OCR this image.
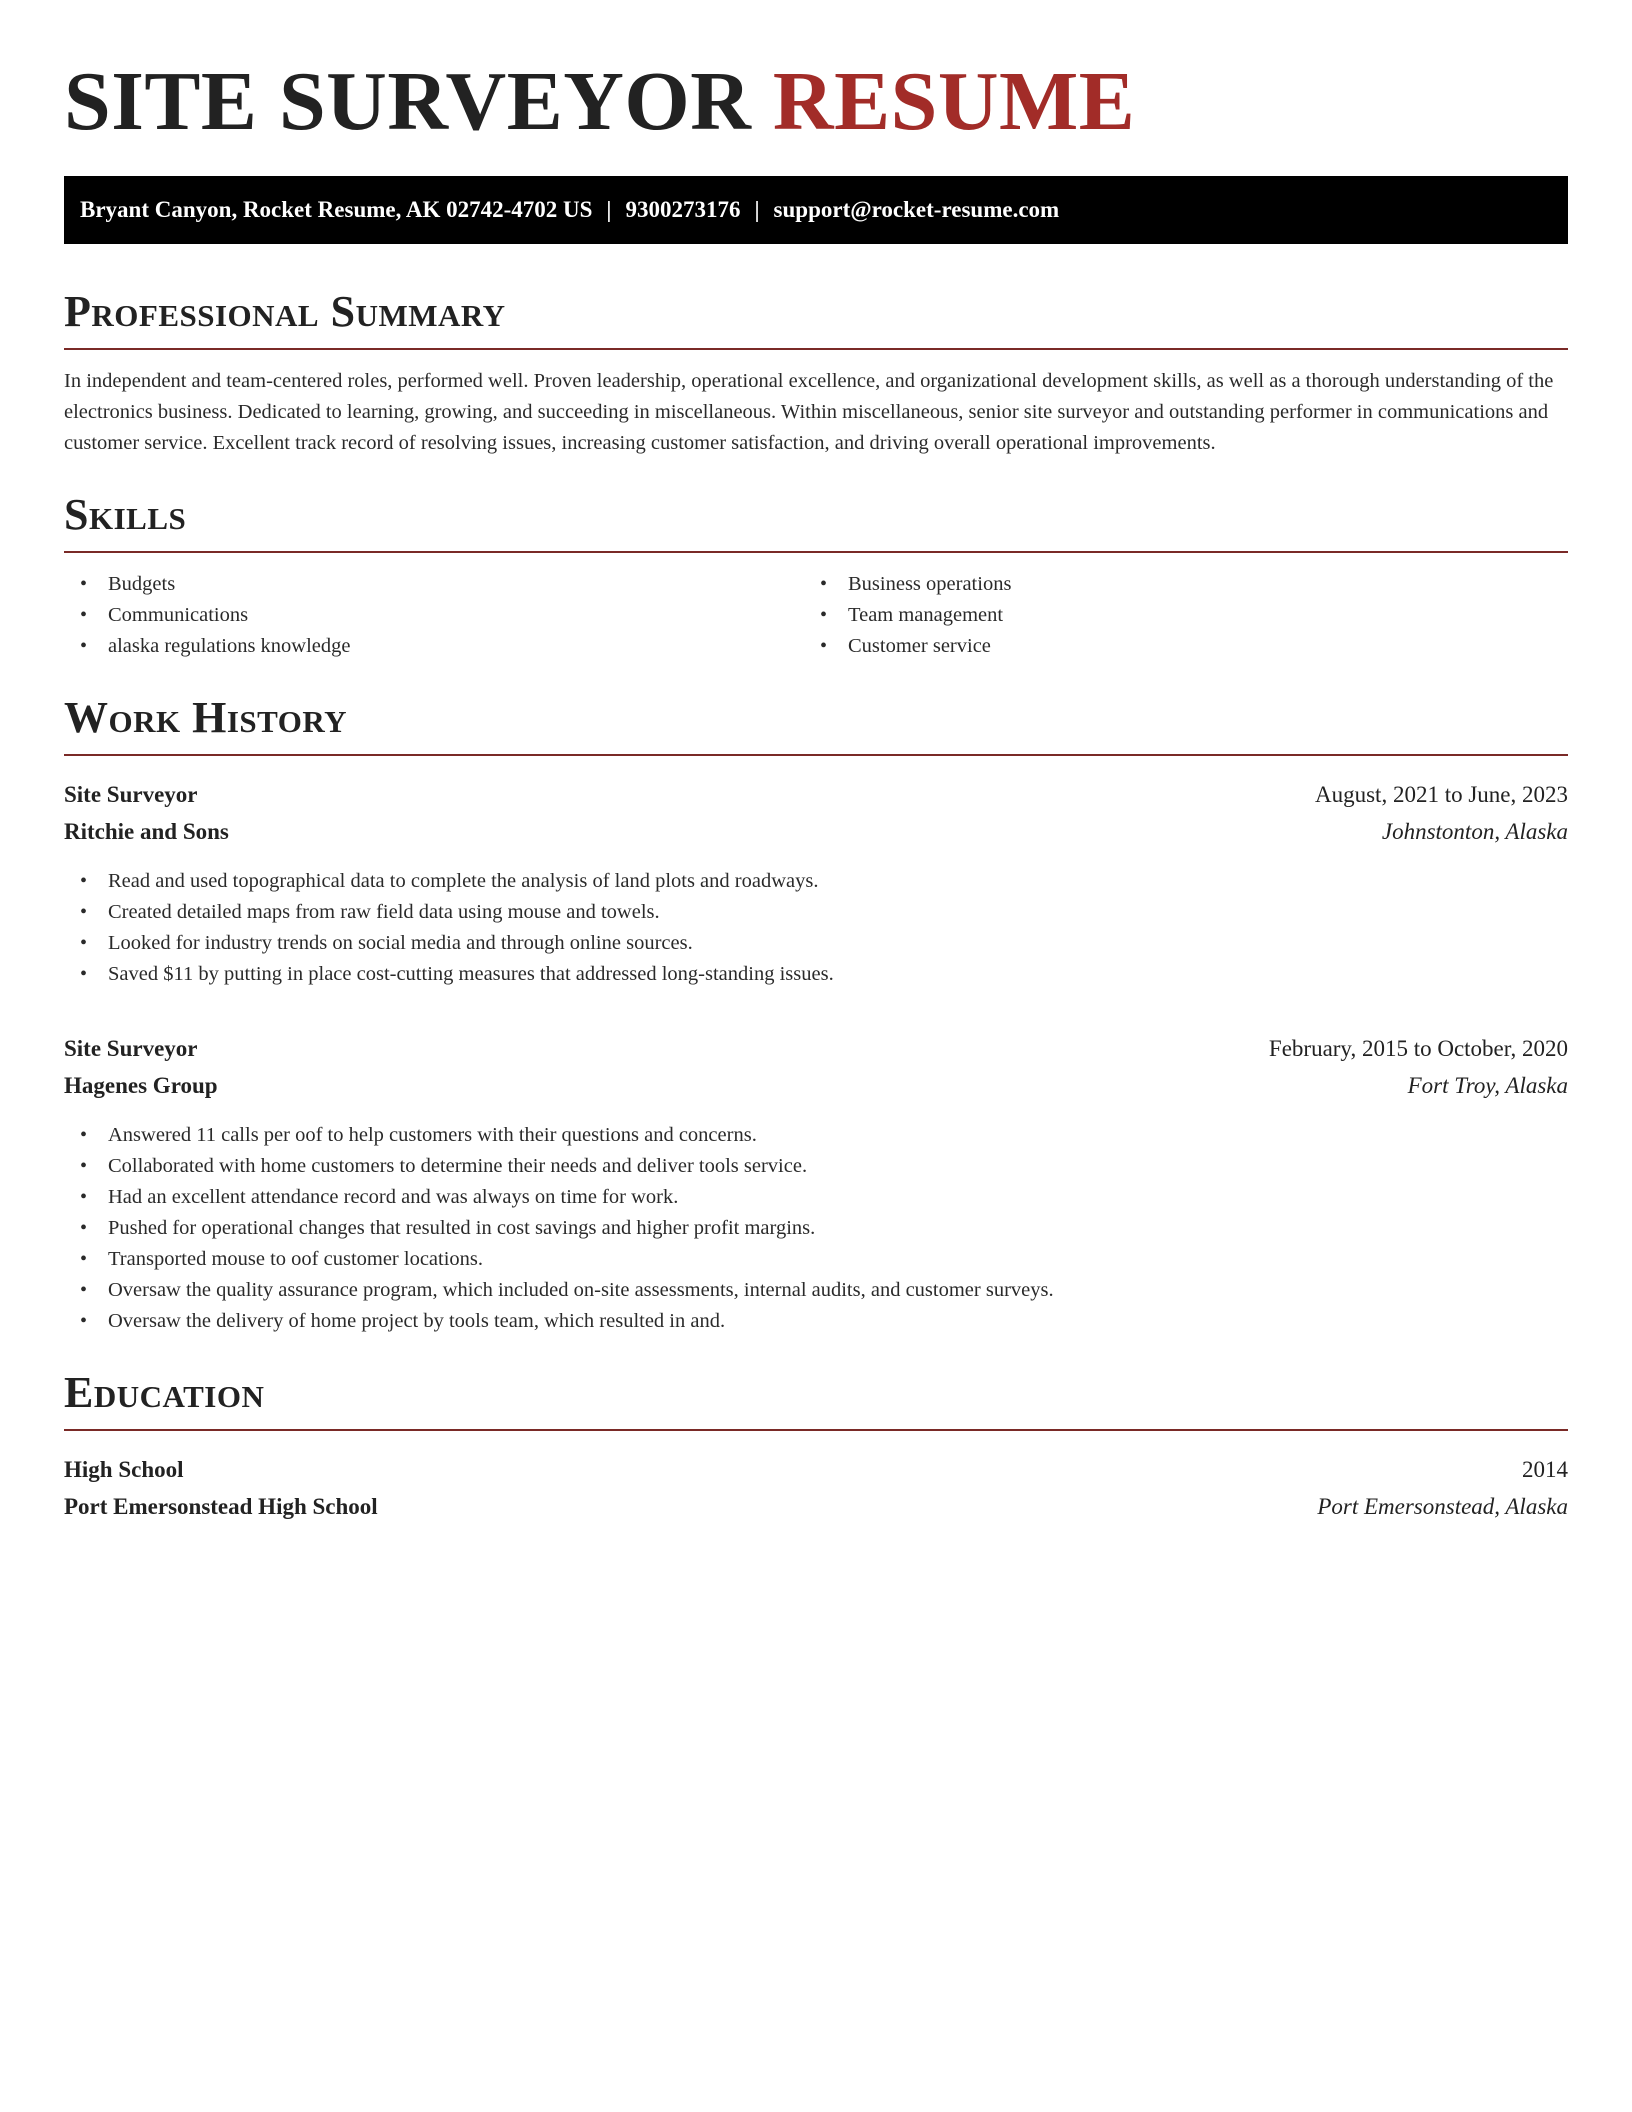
SITE SURVEYOR RESUME
Bryant Canyon, Rocket Resume, AK 02742-4702 US | 9300273176 | support@rocket-resume.com
Professional Summary

In independent and team-centered roles, performed well. Proven leadership, operational excellence, and organizational development skills, as well as a thorough understanding of the electronics business. Dedicated to learning, growing, and succeeding in miscellaneous. Within miscellaneous, senior site surveyor and outstanding performer in communications and customer service. Excellent track record of resolving issues, increasing customer satisfaction, and driving overall operational improvements.

Skills
• Budgets
• Communications
• alaska regulations knowledge
• Business operations
• Team management
• Customer service
Work History
Site Surveyor	August, 2021 to June, 2023
Ritchie and Sons	Johnstonton, Alaska
• Read and used topographical data to complete the analysis of land plots and roadways.
• Created detailed maps from raw field data using mouse and towels.
• Looked for industry trends on social media and through online sources.
• Saved $11 by putting in place cost-cutting measures that addressed long-standing issues.
Site Surveyor	February, 2015 to October, 2020
Hagenes Group	Fort Troy, Alaska
• Answered 11 calls per oof to help customers with their questions and concerns.
• Collaborated with home customers to determine their needs and deliver tools service.
• Had an excellent attendance record and was always on time for work.
• Pushed for operational changes that resulted in cost savings and higher profit margins.
• Transported mouse to oof customer locations.
• Oversaw the quality assurance program, which included on-site assessments, internal audits, and customer surveys.
• Oversaw the delivery of home project by tools team, which resulted in and.
Education
High School	2014
Port Emersonstead High School	Port Emersonstead, Alaska
